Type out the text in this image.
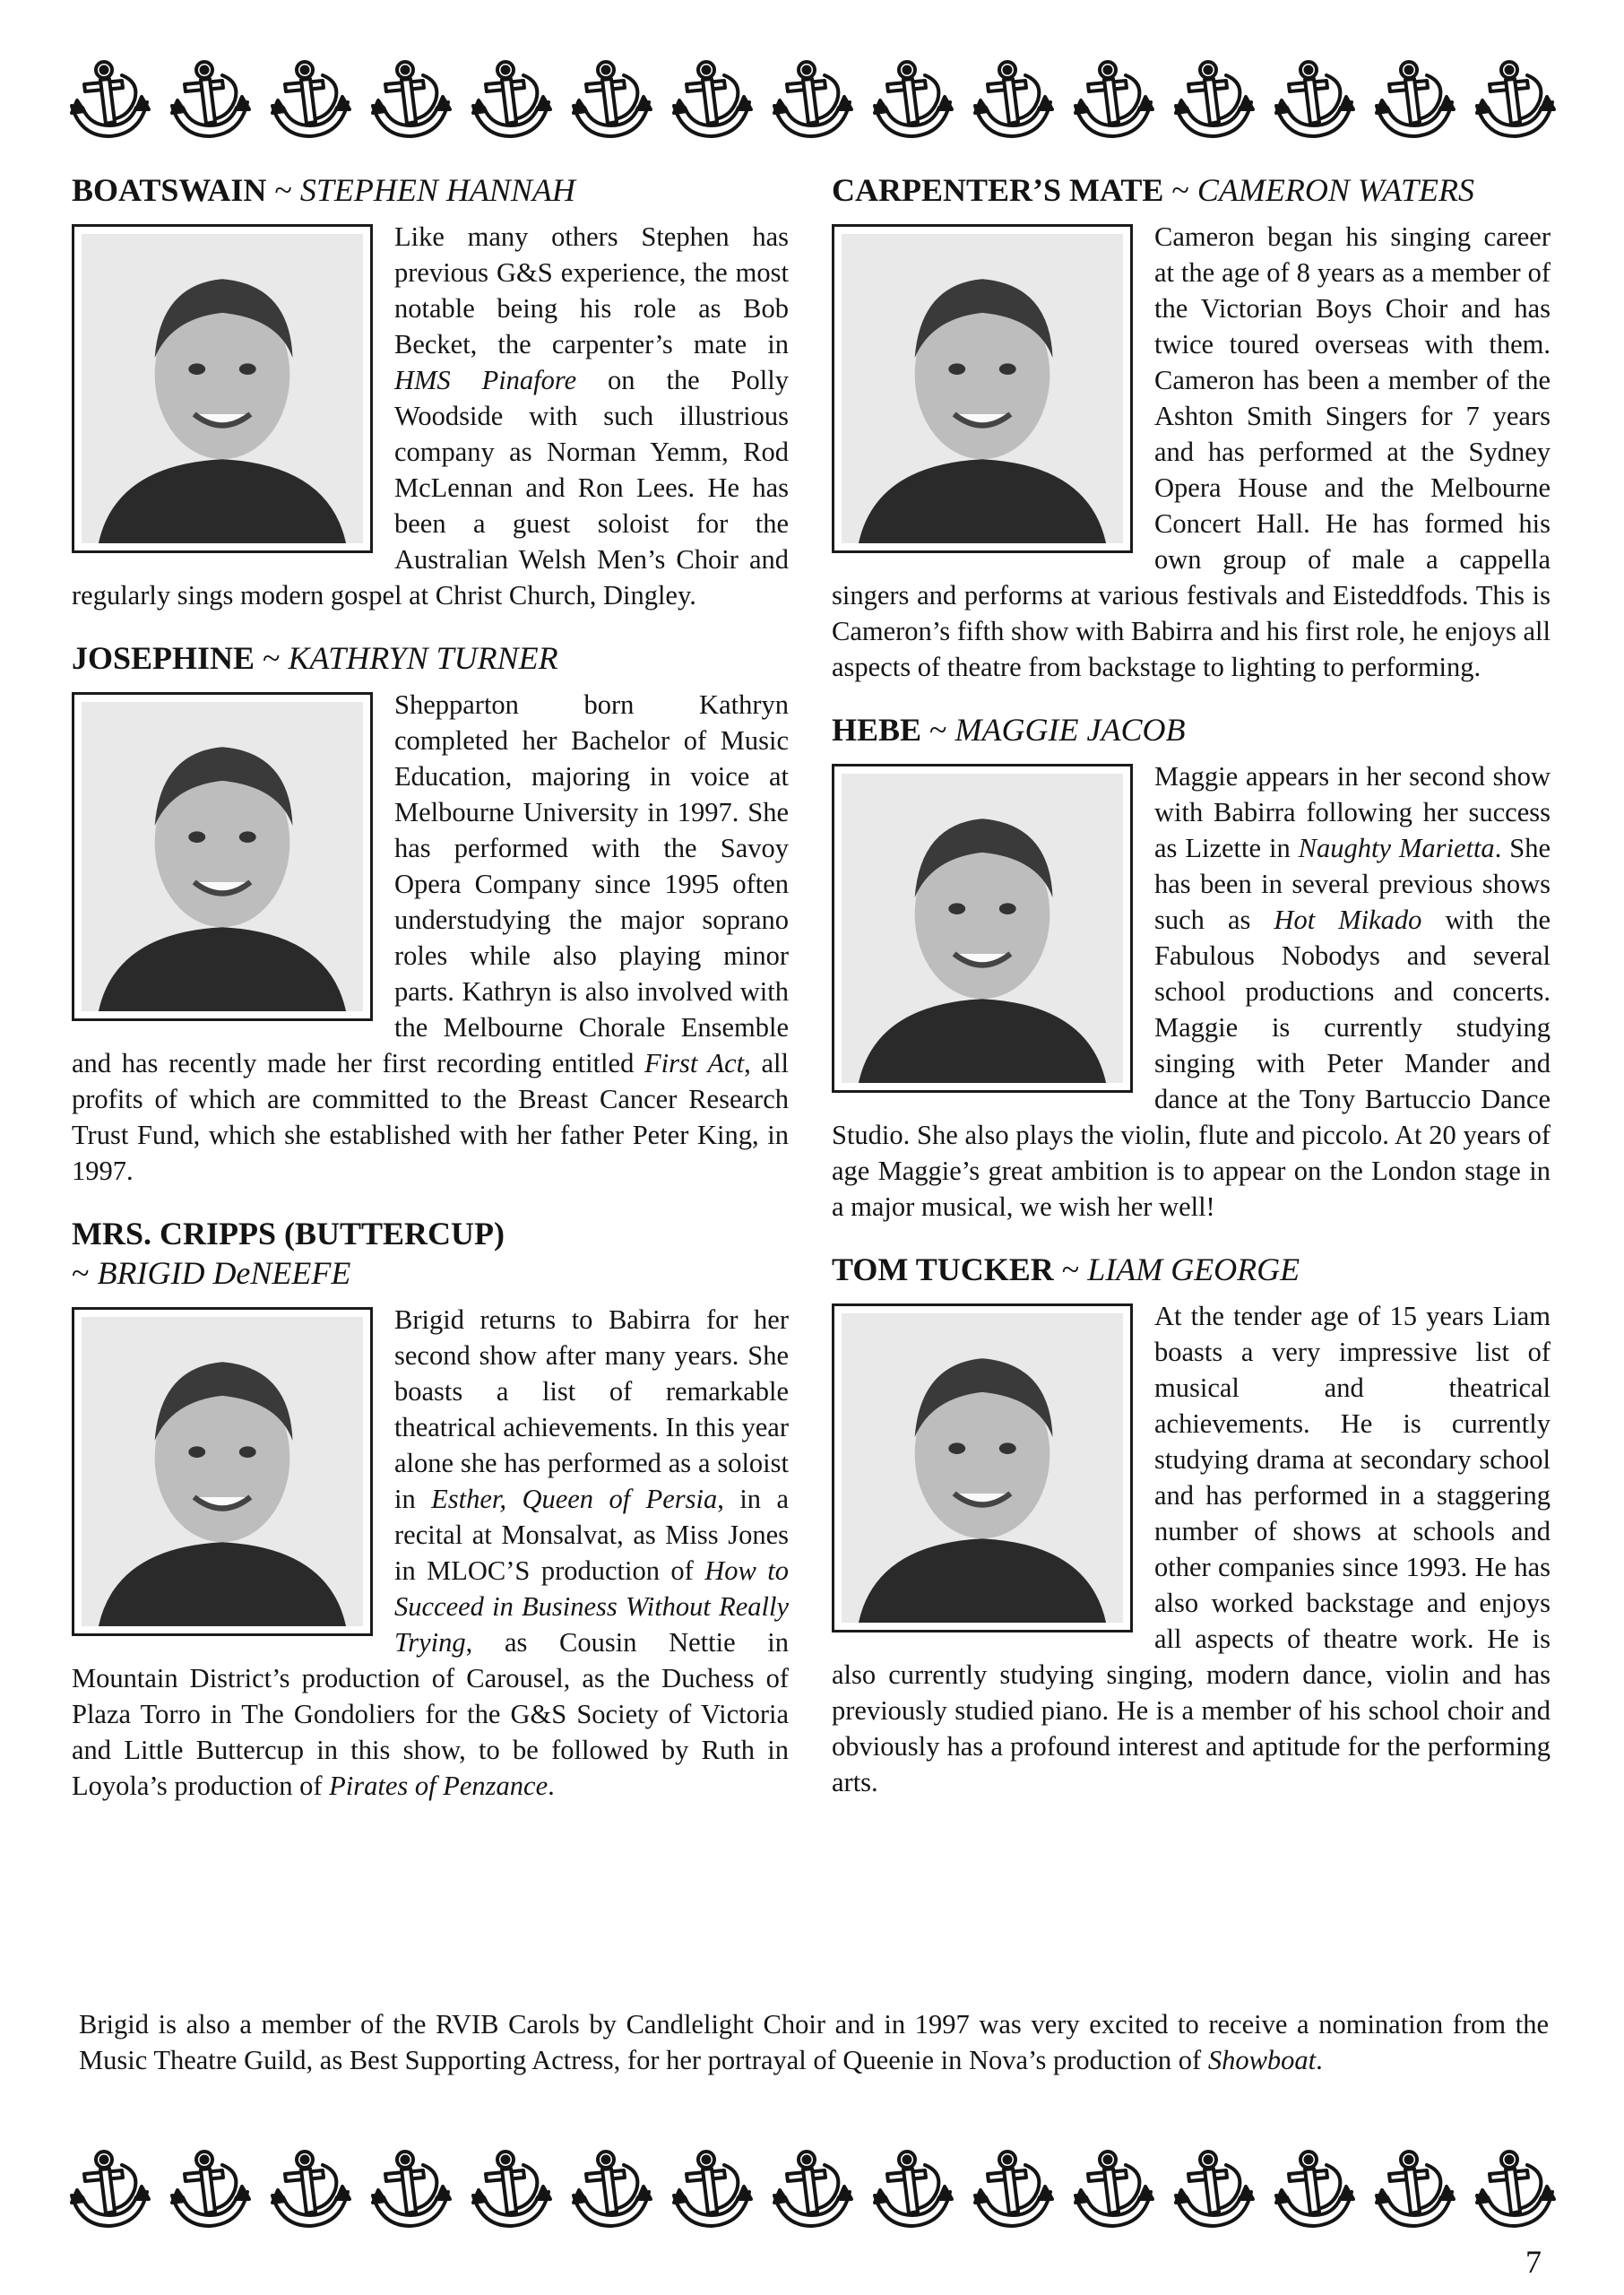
BOATSWAIN ~ STEPHEN HANNAH
Like many others Stephen has previous G&S experience, the most notable being his role as Bob Becket, the carpenter’s mate in HMS Pinafore on the Polly Woodside with such illustrious company as Norman Yemm, Rod McLennan and Ron Lees. He has been a guest soloist for the Australian Welsh Men’s Choir and regularly sings modern gospel at Christ Church, Dingley.
JOSEPHINE ~ KATHRYN TURNER
Shepparton born Kathryn completed her Bachelor of Music Education, majoring in voice at Melbourne University in 1997. She has performed with the Savoy Opera Company since 1995 often understudying the major soprano roles while also playing minor parts. Kathryn is also involved with the Melbourne Chorale Ensemble and has recently made her first recording entitled First Act, all profits of which are committed to the Breast Cancer Research Trust Fund, which she established with her father Peter King, in 1997.
MRS. CRIPPS (BUTTERCUP)
~ BRIGID DeNEEFE
Brigid returns to Babirra for her second show after many years. She boasts a list of remarkable theatrical achievements. In this year alone she has performed as a soloist in Esther, Queen of Persia, in a recital at Monsalvat, as Miss Jones in MLOC’S production of How to Succeed in Business Without Really Trying, as Cousin Nettie in Mountain District’s production of Carousel, as the Duchess of Plaza Torro in The Gondoliers for the G&S Society of Victoria and Little Buttercup in this show, to be followed by Ruth in Loyola’s production of Pirates of Penzance.
CARPENTER’S MATE ~ CAMERON WATERS
Cameron began his singing career at the age of 8 years as a member of the Victorian Boys Choir and has twice toured overseas with them. Cameron has been a member of the Ashton Smith Singers for 7 years and has performed at the Sydney Opera House and the Melbourne Concert Hall. He has formed his own group of male a cappella singers and performs at various festivals and Eisteddfods. This is Cameron’s fifth show with Babirra and his first role, he enjoys all aspects of theatre from backstage to lighting to performing.
HEBE ~ MAGGIE JACOB
Maggie appears in her second show with Babirra following her success as Lizette in Naughty Marietta. She has been in several previous shows such as Hot Mikado with the Fabulous Nobodys and several school productions and concerts. Maggie is currently studying singing with Peter Mander and dance at the Tony Bartuccio Dance Studio. She also plays the violin, flute and piccolo. At 20 years of age Maggie’s great ambition is to appear on the London stage in a major musical, we wish her well!
TOM TUCKER ~ LIAM GEORGE
At the tender age of 15 years Liam boasts a very impressive list of musical and theatrical achievements. He is currently studying drama at secondary school and has performed in a staggering number of shows at schools and other companies since 1993. He has also worked backstage and enjoys all aspects of theatre work. He is also currently studying singing, modern dance, violin and has previously studied piano. He is a member of his school choir and obviously has a profound interest and aptitude for the performing arts.
Brigid is also a member of the RVIB Carols by Candlelight Choir and in 1997 was very excited to receive a nomination from the Music Theatre Guild, as Best Supporting Actress, for her portrayal of Queenie in Nova’s production of Showboat.
7
